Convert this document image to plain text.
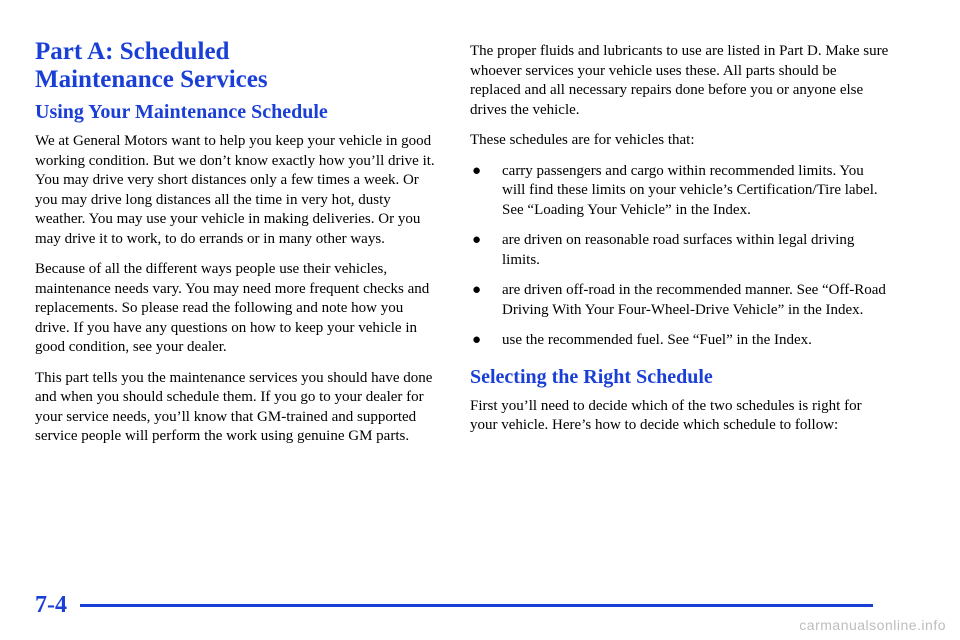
Part A: Scheduled
Maintenance Services
Using Your Maintenance Schedule

We at General Motors want to help you keep your vehicle in good working condition. But we don’t know exactly how you’ll drive it. You may drive very short distances only a few times a week. Or you may drive long distances all the time in very hot, dusty weather. You may use your vehicle in making deliveries. Or you may drive it to work, to do errands or in many other ways.

Because of all the different ways people use their vehicles, maintenance needs vary. You may need more frequent checks and replacements. So please read the following and note how you drive. If you have any questions on how to keep your vehicle in good condition, see your dealer.

This part tells you the maintenance services you should have done and when you should schedule them. If you go to your dealer for your service needs, you’ll know that GM-trained and supported service people will perform the work using genuine GM parts.

The proper fluids and lubricants to use are listed in Part D. Make sure whoever services your vehicle uses these. All parts should be replaced and all necessary repairs done before you or anyone else drives the vehicle.

These schedules are for vehicles that:

● carry passengers and cargo within recommended limits. You will find these limits on your vehicle’s Certification/Tire label. See “Loading Your Vehicle” in the Index.
● are driven on reasonable road surfaces within legal driving limits.
● are driven off-road in the recommended manner. See “Off-Road Driving With Your Four-Wheel-Drive Vehicle” in the Index.
● use the recommended fuel. See “Fuel” in the Index.
Selecting the Right Schedule

First you’ll need to decide which of the two schedules is right for your vehicle. Here’s how to decide which schedule to follow:

7-4
carmanualsonline.info
